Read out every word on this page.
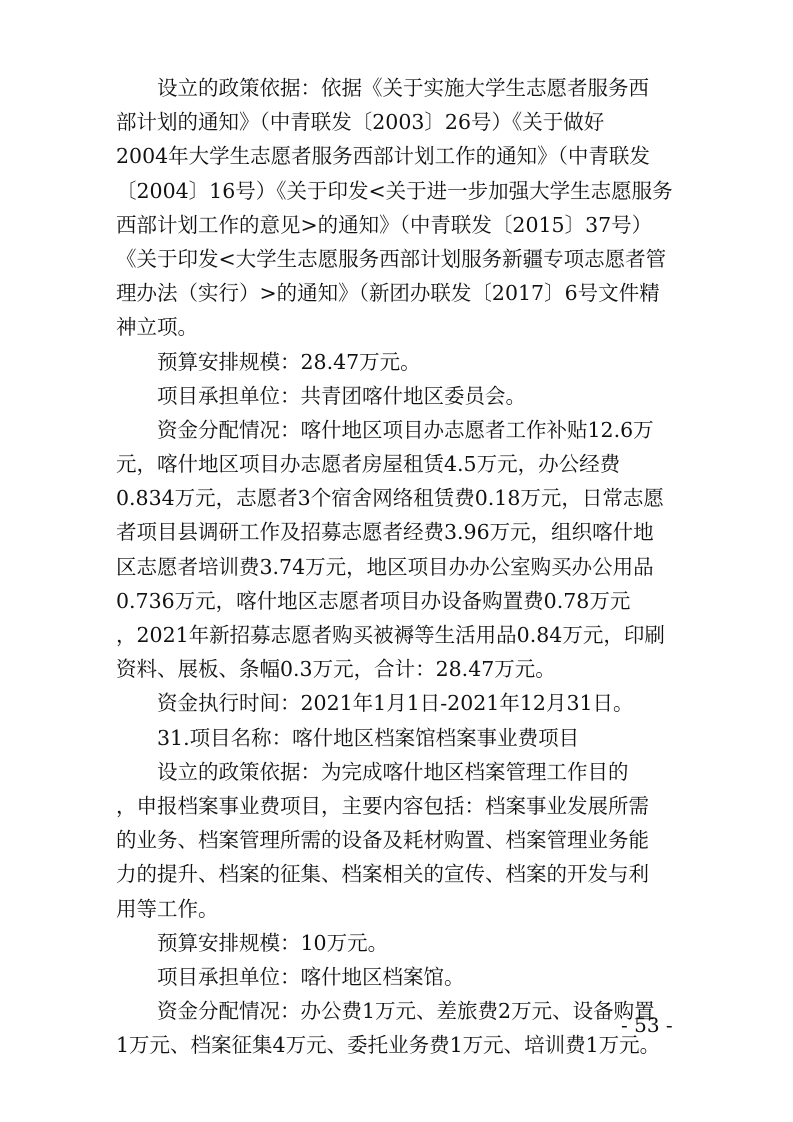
设立的政策依据：依据《关于实施大学生志愿者服务西
部计划的通知》（中青联发〔2003〕26号）《关于做好
2004年大学生志愿者服务西部计划工作的通知》（中青联发
〔2004〕16号）《关于印发<关于进一步加强大学生志愿服务
西部计划工作的意见>的通知》（中青联发〔2015〕37号）
《关于印发<大学生志愿服务西部计划服务新疆专项志愿者管
理办法（实行）>的通知》（新团办联发〔2017〕6号文件精
神立项。
预算安排规模：28.47万元。
项目承担单位：共青团喀什地区委员会。
资金分配情况：喀什地区项目办志愿者工作补贴12.6万
元，喀什地区项目办志愿者房屋租赁4.5万元，办公经费
0.834万元，志愿者3个宿舍网络租赁费0.18万元，日常志愿
者项目县调研工作及招募志愿者经费3.96万元，组织喀什地
区志愿者培训费3.74万元，地区项目办办公室购买办公用品
0.736万元，喀什地区志愿者项目办设备购置费0.78万元
，2021年新招募志愿者购买被褥等生活用品0.84万元，印刷
资料、展板、条幅0.3万元，合计：28.47万元。
资金执行时间：2021年1月1日-2021年12月31日。
31.项目名称：喀什地区档案馆档案事业费项目
设立的政策依据：为完成喀什地区档案管理工作目的
，申报档案事业费项目，主要内容包括：档案事业发展所需
的业务、档案管理所需的设备及耗材购置、档案管理业务能
力的提升、档案的征集、档案相关的宣传、档案的开发与利
用等工作。
预算安排规模：10万元。
项目承担单位：喀什地区档案馆。
资金分配情况：办公费1万元、差旅费2万元、设备购置
1万元、档案征集4万元、委托业务费1万元、培训费1万元。
- 53 -
